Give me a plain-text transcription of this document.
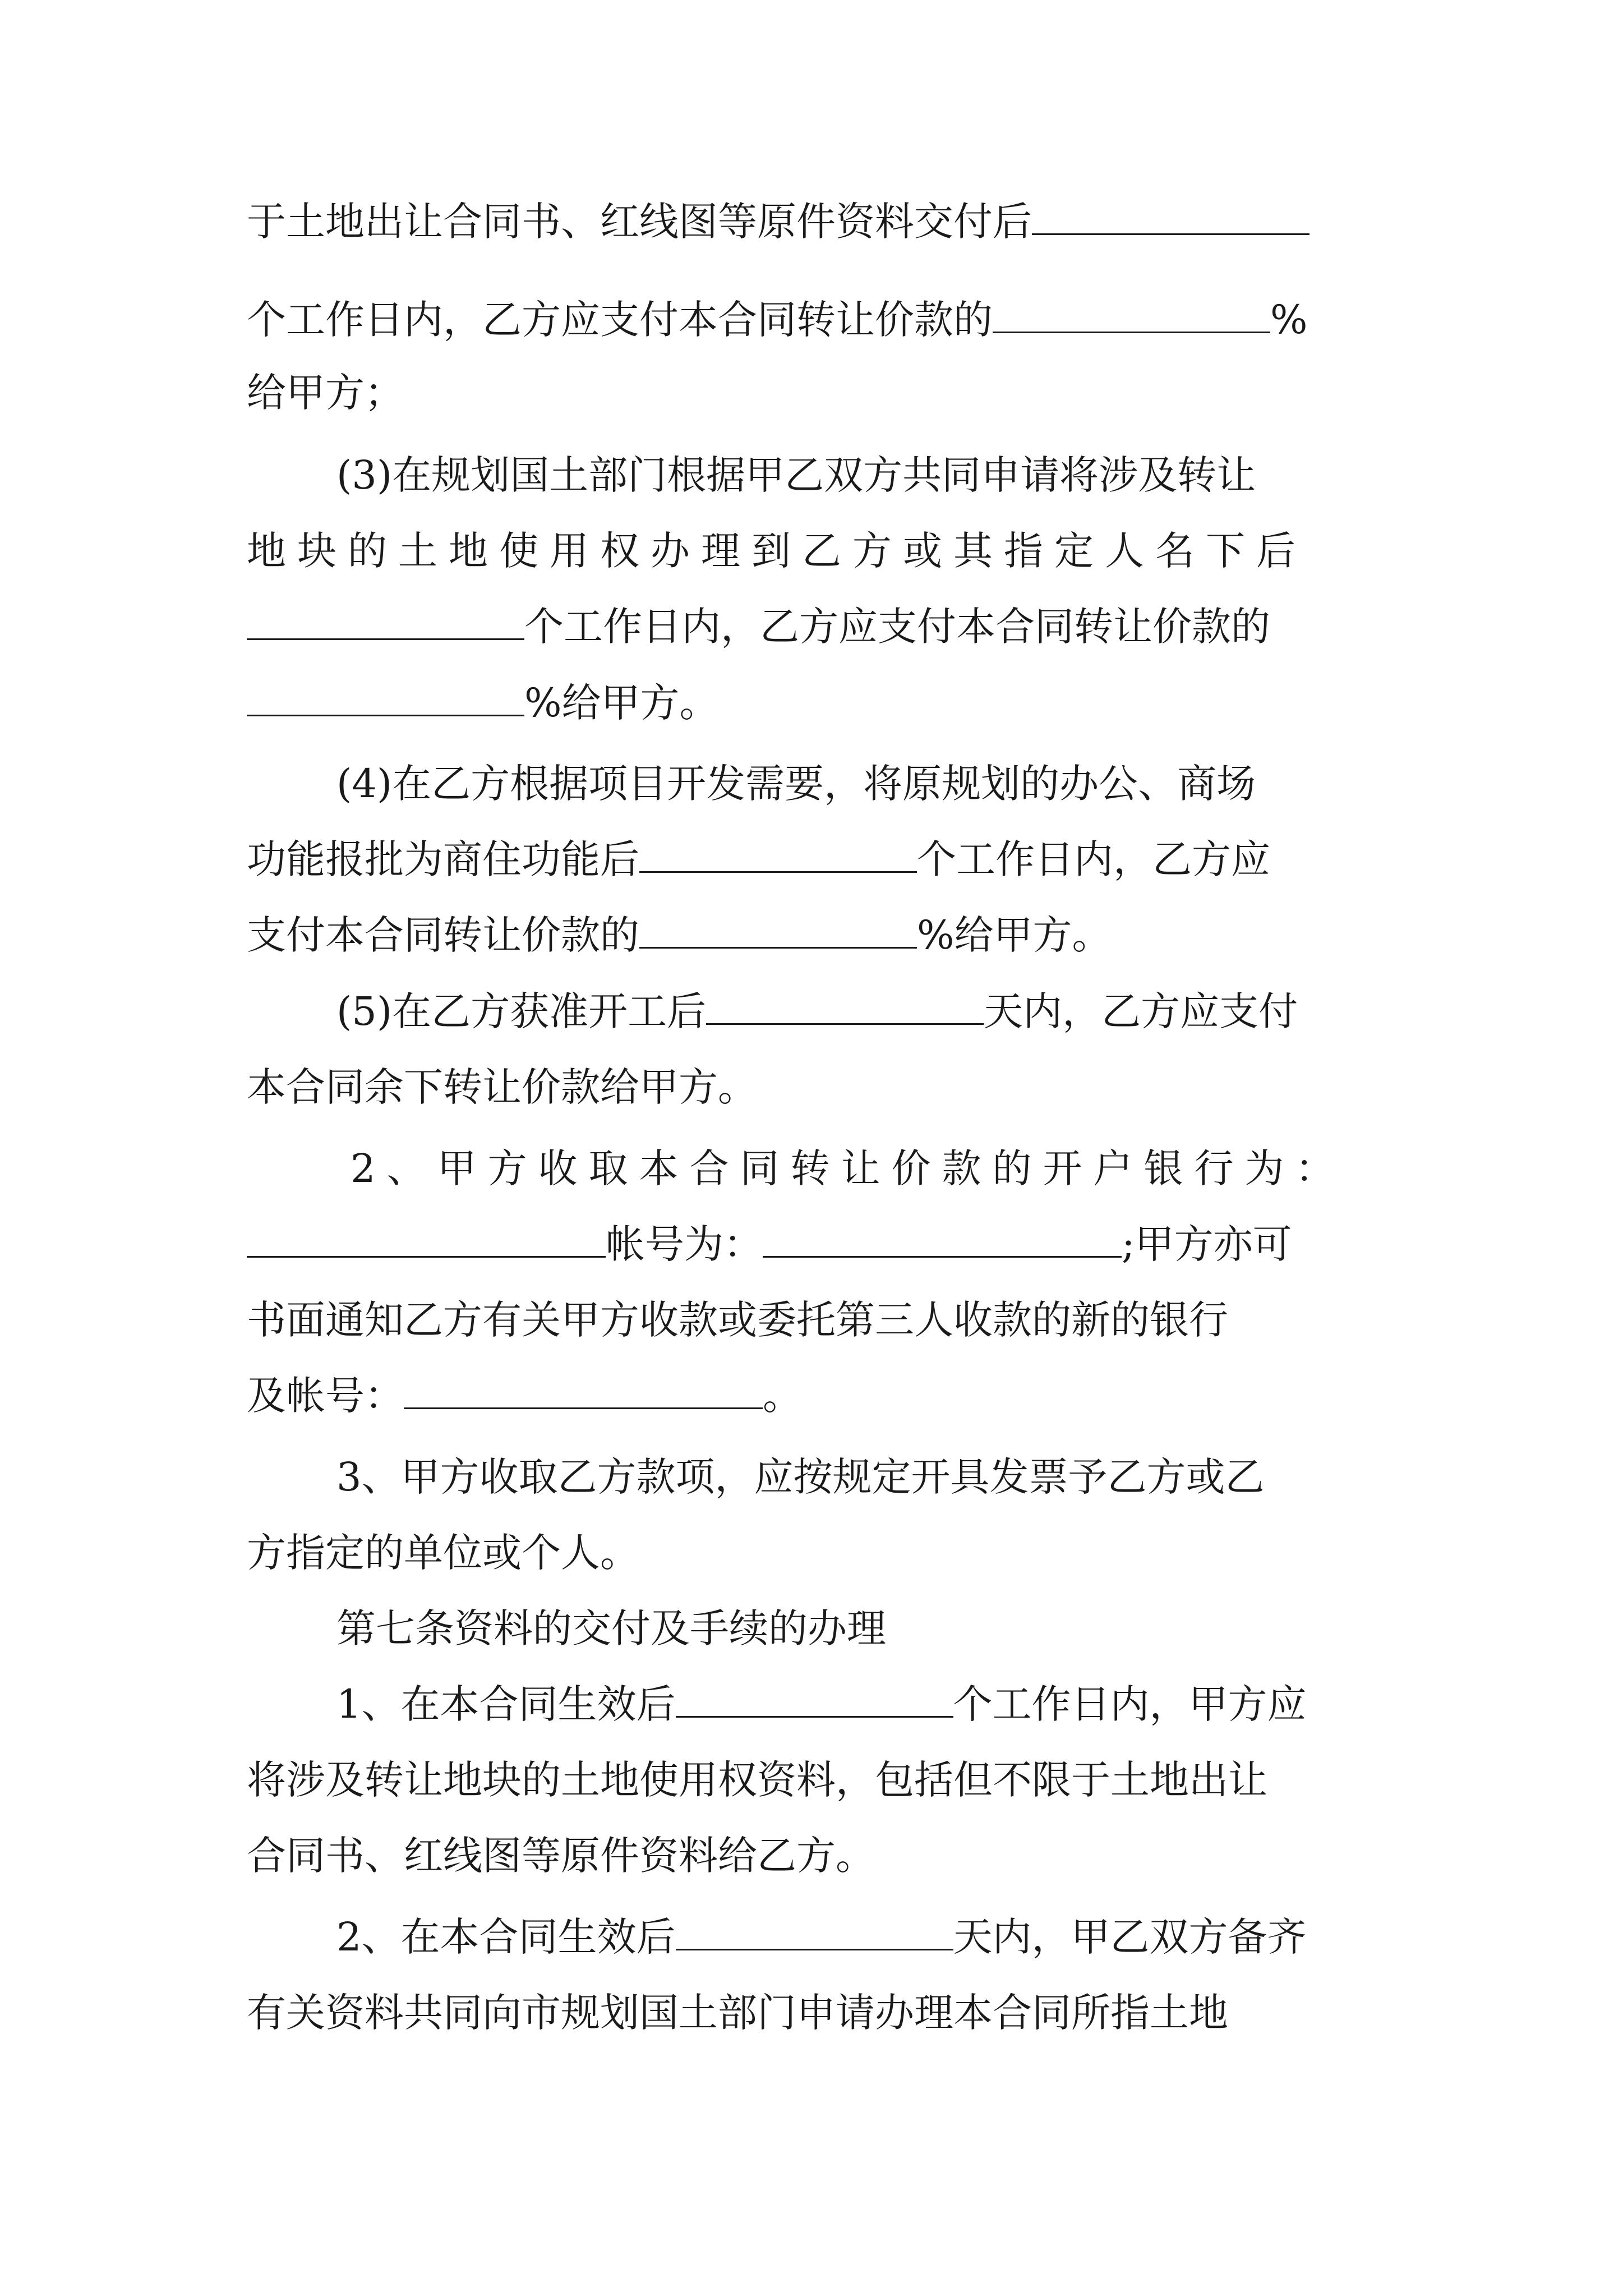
于土地出让合同书、红线图等原件资料交付后
个工作日内，乙方应支付本合同转让价款的	%
给甲方；
(3)在规划国土部门根据甲乙双方共同申请将涉及转让
地块的土地使用权办理到乙方或其指定人名下后
个工作日内，乙方应支付本合同转让价款的
%给甲方。
(4)在乙方根据项目开发需要，将原规划的办公、商场
功能报批为商住功能后	个工作日内，乙方应
支付本合同转让价款的	%给甲方。
(5)在乙方获准开工后	天内，乙方应支付
本合同余下转让价款给甲方。
2、甲方收取本合同转让价款的开户银行为：
帐号为：	;甲方亦可
书面通知乙方有关甲方收款或委托第三人收款的新的银行
及帐号：	。
3、甲方收取乙方款项，应按规定开具发票予乙方或乙
方指定的单位或个人。
第七条资料的交付及手续的办理
1、在本合同生效后	个工作日内，甲方应
将涉及转让地块的土地使用权资料，包括但不限于土地出让
合同书、红线图等原件资料给乙方。
2、在本合同生效后	天内，甲乙双方备齐
有关资料共同向市规划国土部门申请办理本合同所指土地
